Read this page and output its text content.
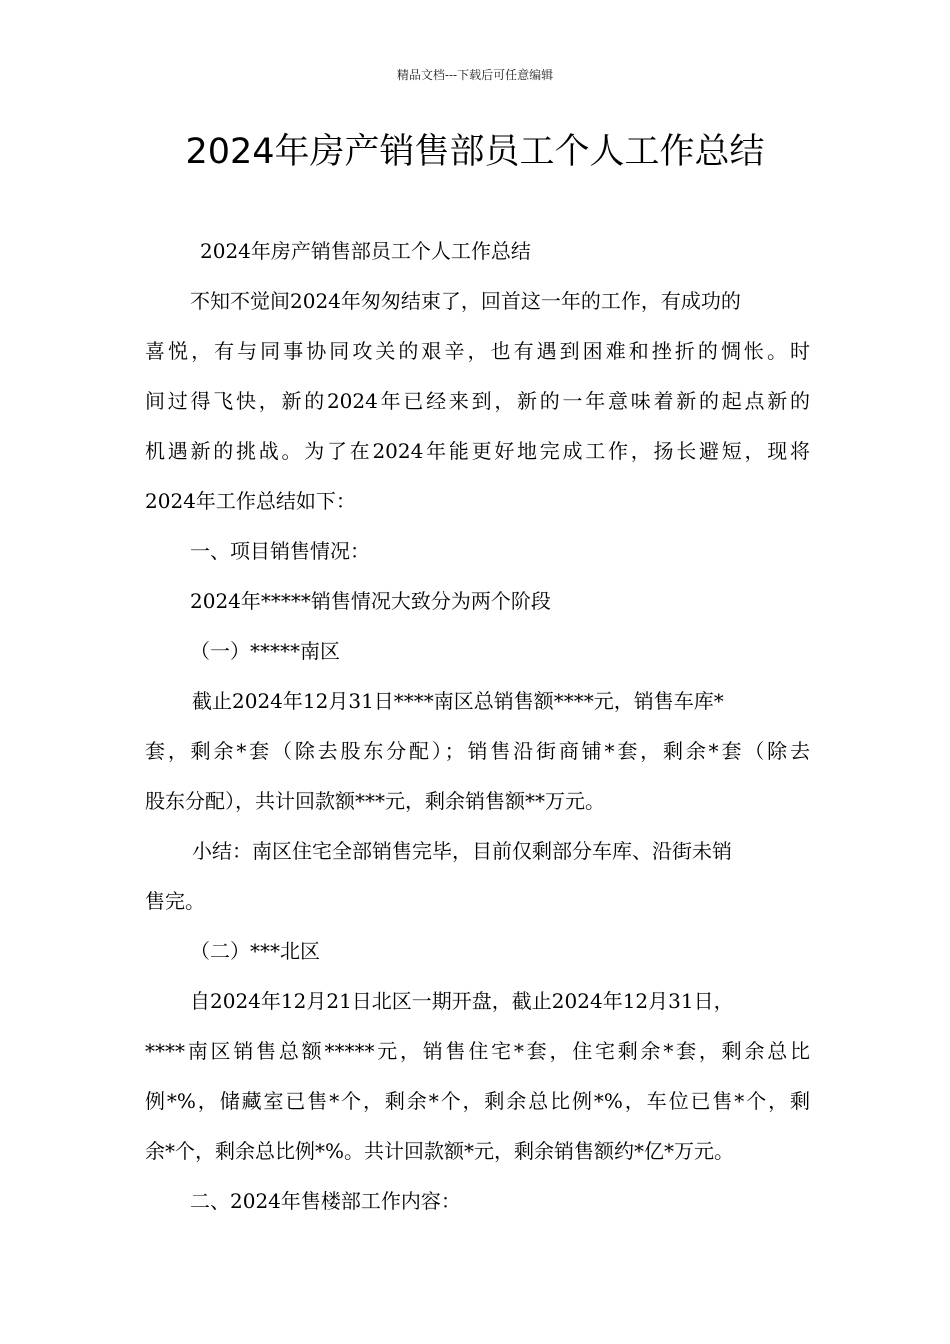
精品文档---下载后可任意编辑
2024年房产销售部员工个人工作总结
2024年房产销售部员工个人工作总结
不知不觉间2024年匆匆结束了，回首这一年的工作，有成功的
喜悦，有与同事协同攻关的艰辛，也有遇到困难和挫折的惆怅。时
间过得飞快，新的2024年已经来到，新的一年意味着新的起点新的
机遇新的挑战。为了在2024年能更好地完成工作，扬长避短，现将
2024年工作总结如下：
一、项目销售情况：
2024年*****销售情况大致分为两个阶段
（一）*****南区
截止2024年12月31日****南区总销售额****元，销售车库*
套，剩余*套（除去股东分配）；销售沿街商铺*套，剩余*套（除去
股东分配），共计回款额***元，剩余销售额**万元。
小结：南区住宅全部销售完毕，目前仅剩部分车库、沿街未销
售完。
（二）***北区
自2024年12月21日北区一期开盘，截止2024年12月31日，
****南区销售总额*****元，销售住宅*套，住宅剩余*套，剩余总比
例*%，储藏室已售*个，剩余*个，剩余总比例*%，车位已售*个，剩
余*个，剩余总比例*%。共计回款额*元，剩余销售额约*亿*万元。
二、2024年售楼部工作内容：
